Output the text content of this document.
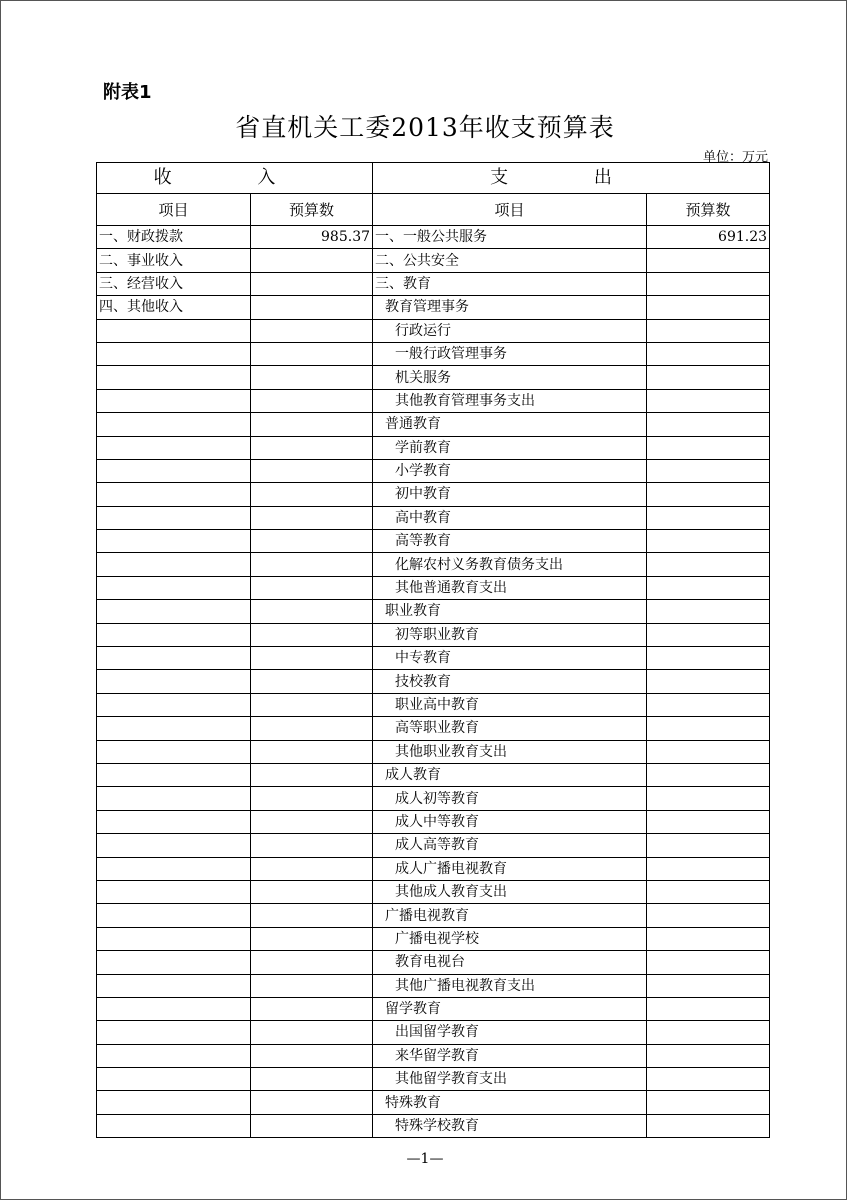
附表1
省直机关工委2013年收支预算表
单位：万元
收 入		支 出	
项目	预算数	项目	预算数
一、财政拨款	985.37	一、一般公共服务	691.23
二、事业收入		二、公共安全	
三、经营收入		三、教育	
四、其他收入		教育管理事务	
		行政运行	
		一般行政管理事务	
		机关服务	
		其他教育管理事务支出	
		普通教育	
		学前教育	
		小学教育	
		初中教育	
		高中教育	
		高等教育	
		化解农村义务教育债务支出	
		其他普通教育支出	
		职业教育	
		初等职业教育	
		中专教育	
		技校教育	
		职业高中教育	
		高等职业教育	
		其他职业教育支出	
		成人教育	
		成人初等教育	
		成人中等教育	
		成人高等教育	
		成人广播电视教育	
		其他成人教育支出	
		广播电视教育	
		广播电视学校	
		教育电视台	
		其他广播电视教育支出	
		留学教育	
		出国留学教育	
		来华留学教育	
		其他留学教育支出	
		特殊教育	
		特殊学校教育	
—1—
